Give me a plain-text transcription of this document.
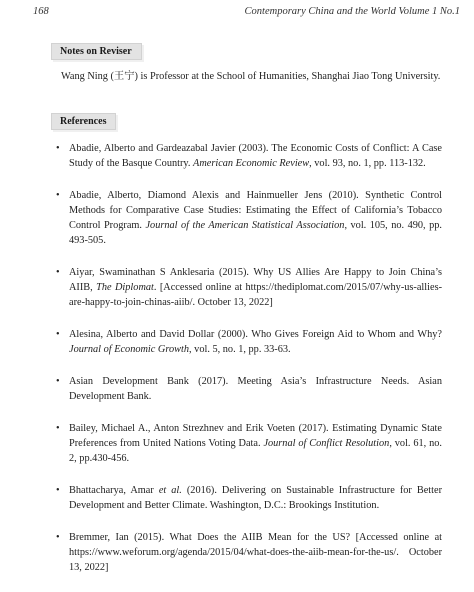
168	Contemporary China and the World Volume 1 No.1
Notes on Reviser

Wang Ning (王宁) is Professor at the School of Humanities, Shanghai Jiao Tong University.

References
• Abadie, Alberto and Gardeazabal Javier (2003). The Economic Costs of Conflict: A Case Study of the Basque Country. American Economic Review, vol. 93, no. 1, pp. 113-132.
• Abadie, Alberto, Diamond Alexis and Hainmueller Jens (2010). Synthetic Control Methods for Comparative Case Studies: Estimating the Effect of California’s Tobacco Control Program. Journal of the American Statistical Association, vol. 105, no. 490, pp. 493-505.
• Aiyar, Swaminathan S Anklesaria (2015). Why US Allies Are Happy to Join China’s AIIB, The Diplomat. [Accessed online at https://thediplomat.com/2015/07/why-us-allies-are-happy-to-join-chinas-aiib/. October 13, 2022]
• Alesina, Alberto and David Dollar (2000). Who Gives Foreign Aid to Whom and Why? Journal of Economic Growth, vol. 5, no. 1, pp. 33-63.
• Asian Development Bank (2017). Meeting Asia’s Infrastructure Needs. Asian Development Bank.
• Bailey, Michael A., Anton Strezhnev and Erik Voeten (2017). Estimating Dynamic State Preferences from United Nations Voting Data. Journal of Conflict Resolution, vol. 61, no. 2, pp.430-456.
• Bhattacharya, Amar et al. (2016). Delivering on Sustainable Infrastructure for Better Development and Better Climate. Washington, D.C.: Brookings Institution.
• Bremmer, Ian (2015). What Does the AIIB Mean for the US? [Accessed online at https://www.weforum.org/agenda/2015/04/what-does-the-aiib-mean-for-the-us/. October 13, 2022]
